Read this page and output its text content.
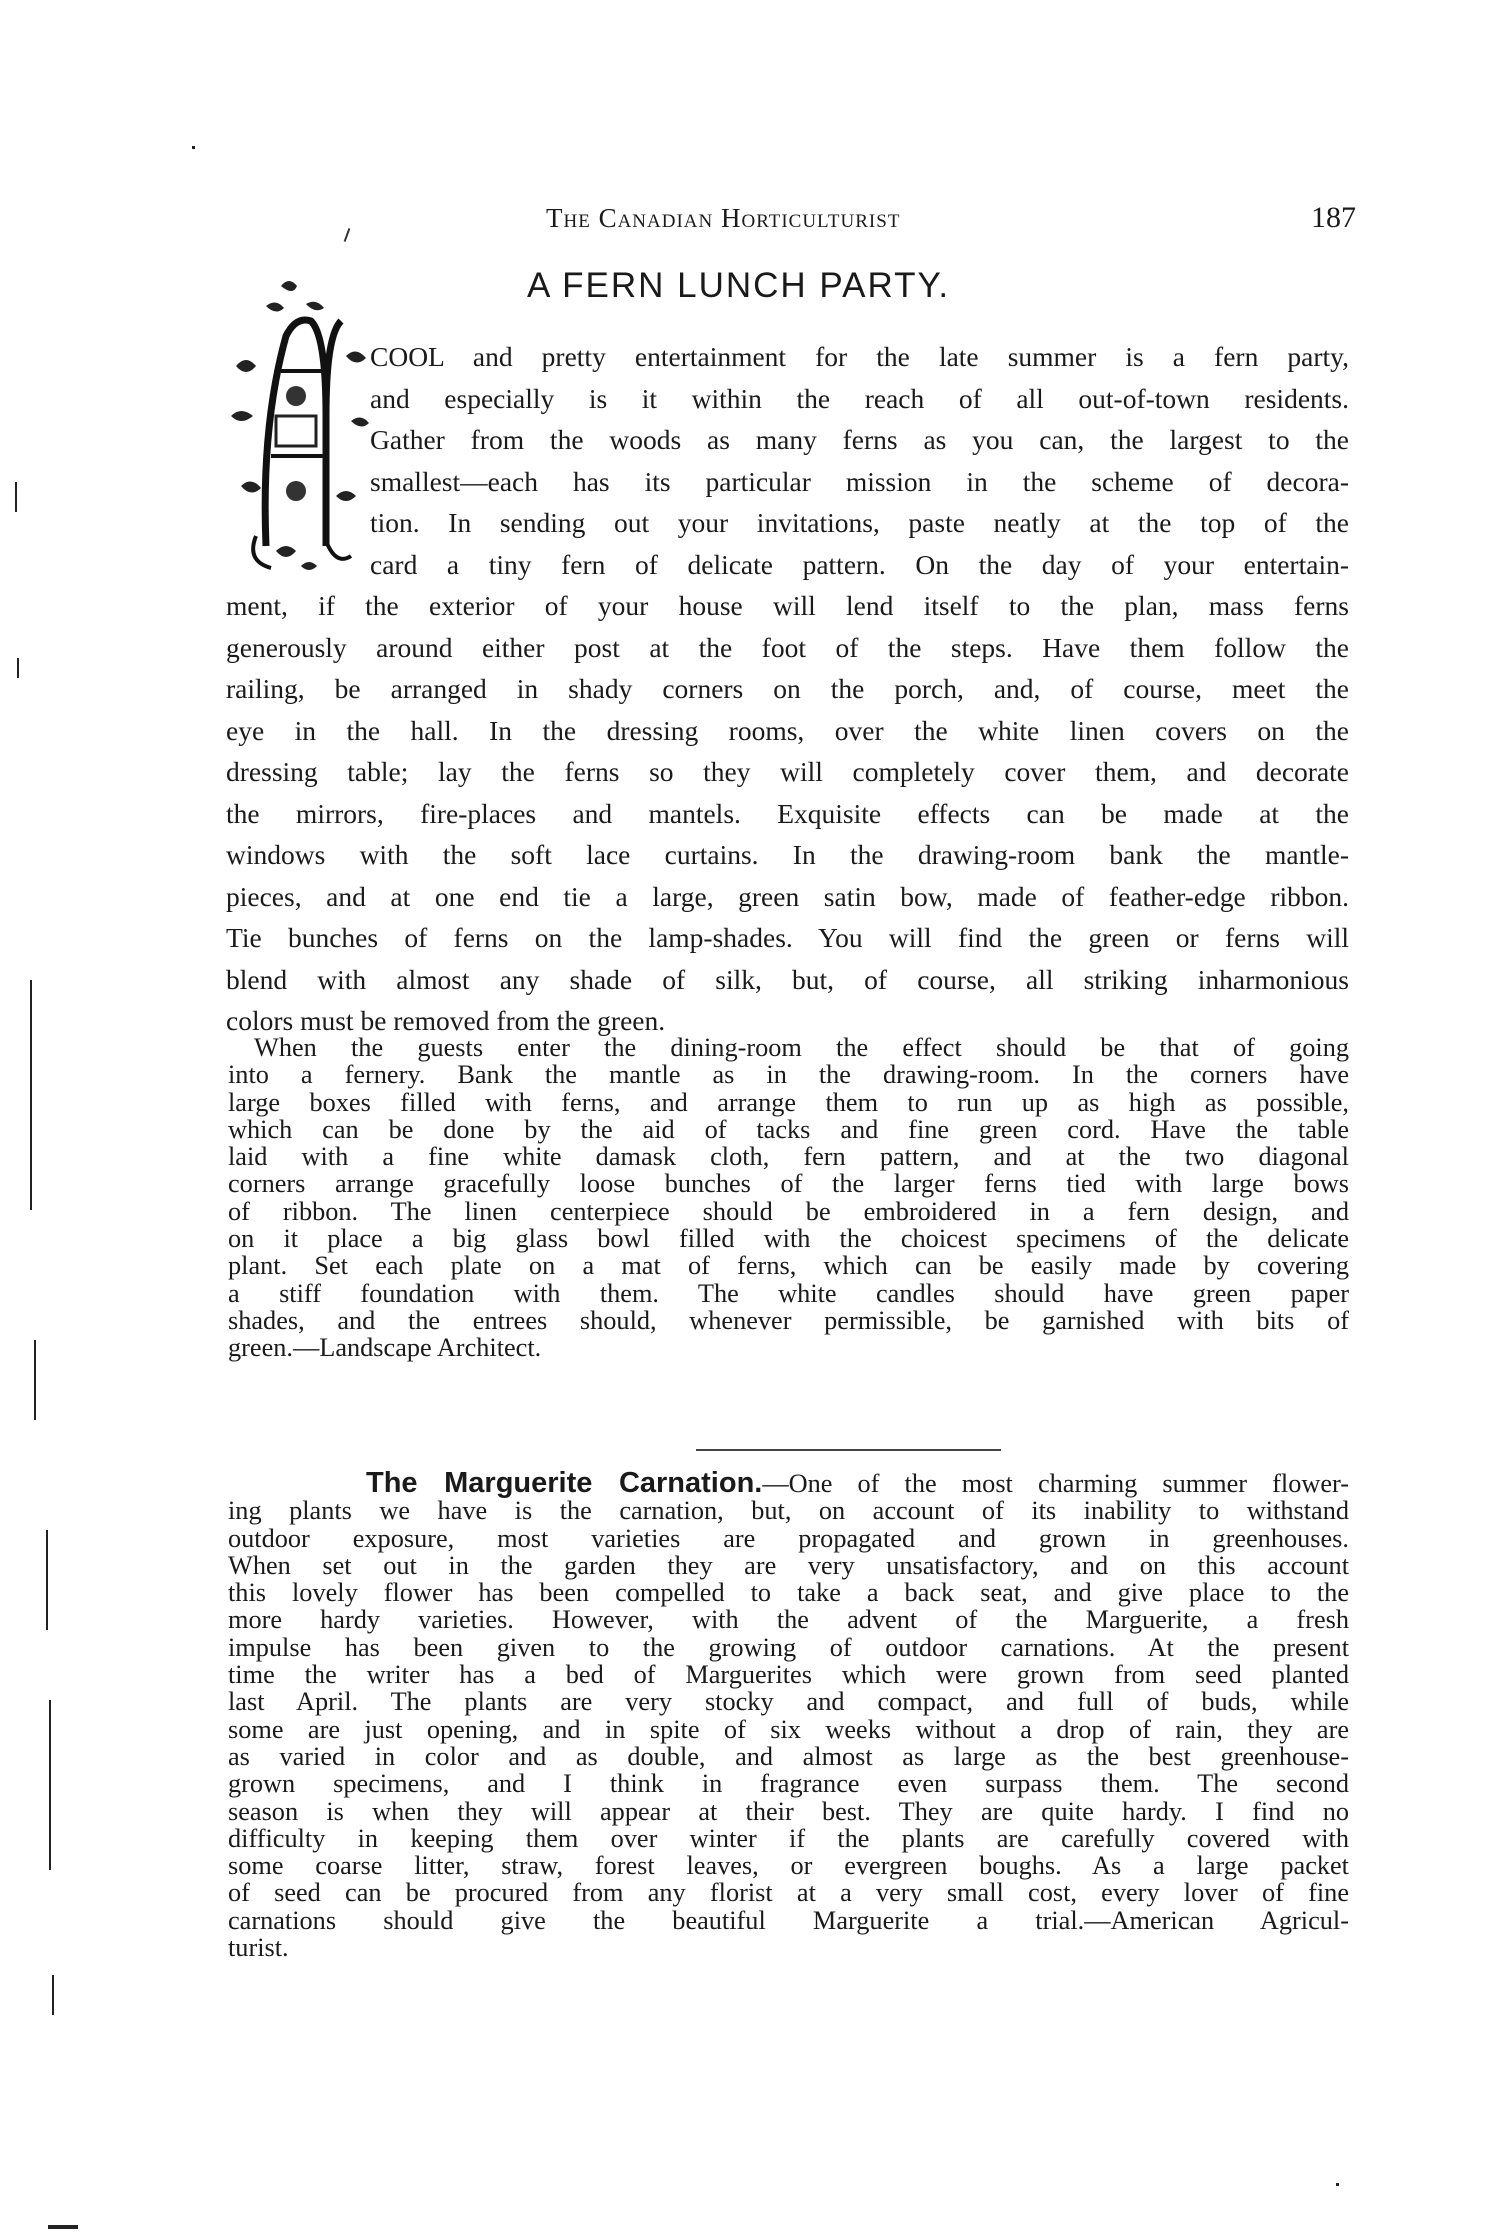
The Canadian Horticulturist	187
A FERN LUNCH PARTY.
COOL and pretty entertainment for the late summer is a fern party,
and especially is it within the reach of all out-of-town residents.
Gather from the woods as many ferns as you can, the largest to the
smallest—each has its particular mission in the scheme of decora-
tion. In sending out your invitations, paste neatly at the top of the
card a tiny fern of delicate pattern. On the day of your entertain-
ment, if the exterior of your house will lend itself to the plan, mass ferns
generously around either post at the foot of the steps. Have them follow the
railing, be arranged in shady corners on the porch, and, of course, meet the
eye in the hall. In the dressing rooms, over the white linen covers on the
dressing table; lay the ferns so they will completely cover them, and decorate
the mirrors, fire-places and mantels. Exquisite effects can be made at the
windows with the soft lace curtains. In the drawing-room bank the mantle-
pieces, and at one end tie a large, green satin bow, made of feather-edge ribbon.
Tie bunches of ferns on the lamp-shades. You will find the green or ferns will
blend with almost any shade of silk, but, of course, all striking inharmonious
colors must be removed from the green.
When the guests enter the dining-room the effect should be that of going
into a fernery. Bank the mantle as in the drawing-room. In the corners have
large boxes filled with ferns, and arrange them to run up as high as possible,
which can be done by the aid of tacks and fine green cord. Have the table
laid with a fine white damask cloth, fern pattern, and at the two diagonal
corners arrange gracefully loose bunches of the larger ferns tied with large bows
of ribbon. The linen centerpiece should be embroidered in a fern design, and
on it place a big glass bowl filled with the choicest specimens of the delicate
plant. Set each plate on a mat of ferns, which can be easily made by covering
a stiff foundation with them. The white candles should have green paper
shades, and the entrees should, whenever permissible, be garnished with bits of
green.—Landscape Architect.
The Marguerite Carnation.—One of the most charming summer flower-
ing plants we have is the carnation, but, on account of its inability to withstand
outdoor exposure, most varieties are propagated and grown in greenhouses.
When set out in the garden they are very unsatisfactory, and on this account
this lovely flower has been compelled to take a back seat, and give place to the
more hardy varieties. However, with the advent of the Marguerite, a fresh
impulse has been given to the growing of outdoor carnations. At the present
time the writer has a bed of Marguerites which were grown from seed planted
last April. The plants are very stocky and compact, and full of buds, while
some are just opening, and in spite of six weeks without a drop of rain, they are
as varied in color and as double, and almost as large as the best greenhouse-
grown specimens, and I think in fragrance even surpass them. The second
season is when they will appear at their best. They are quite hardy. I find no
difficulty in keeping them over winter if the plants are carefully covered with
some coarse litter, straw, forest leaves, or evergreen boughs. As a large packet
of seed can be procured from any florist at a very small cost, every lover of fine
carnations should give the beautiful Marguerite a trial.—American Agricul-
turist.
